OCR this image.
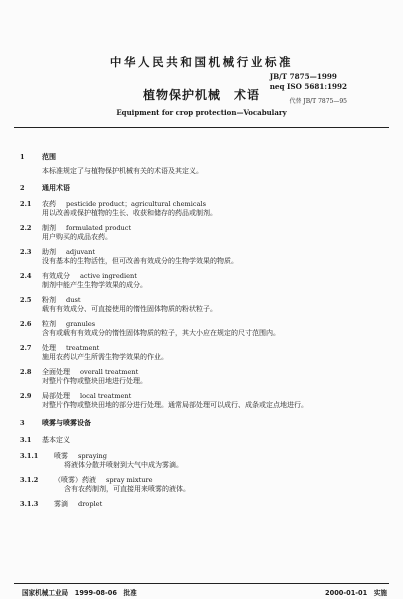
中华人民共和国机械行业标准
JB/T 7875—1999
neq ISO 5681:1992
代替 JB/T 7875—95
植物保护机械　术语
Equipment for crop protection—Vocabulary
1 范围
本标准规定了与植物保护机械有关的术语及其定义。
2 通用术语
2.1 农药 pesticide product；agricultural chemicals
用以改善或保护植物的生长、收获和储存的药品或制剂。
2.2 制剂 formulated product
用户购买的成品农药。
2.3 助剂 adjuvant
没有基本的生物活性，但可改善有效成分的生物学效果的物质。
2.4 有效成分 active ingredient
制剂中能产生生物学效果的成分。
2.5 粉剂 dust
载有有效成分、可直接使用的惰性固体物质的粉状粒子。
2.6 粒剂 granules
含有或载有有效成分的惰性固体物质的粒子，其大小应在规定的尺寸范围内。
2.7 处理 treatment
施用农药以产生所需生物学效果的作业。
2.8 全面处理 overall treatment
对整片作物或整块田地进行处理。
2.9 局部处理 local treatment
对整片作物或整块田地的部分进行处理。通常局部处理可以成行、成条或定点地进行。
3 喷雾与喷雾设备
3.1 基本定义
3.1.1 喷雾 spraying
将液体分散并喷射到大气中成为雾滴。
3.1.2 （喷雾）药液 spray mixture
含有农药制剂，可直接用来喷雾的液体。
3.1.3 雾滴 droplet
国家机械工业局　1999-08-06　批准	2000-01-01　实施
